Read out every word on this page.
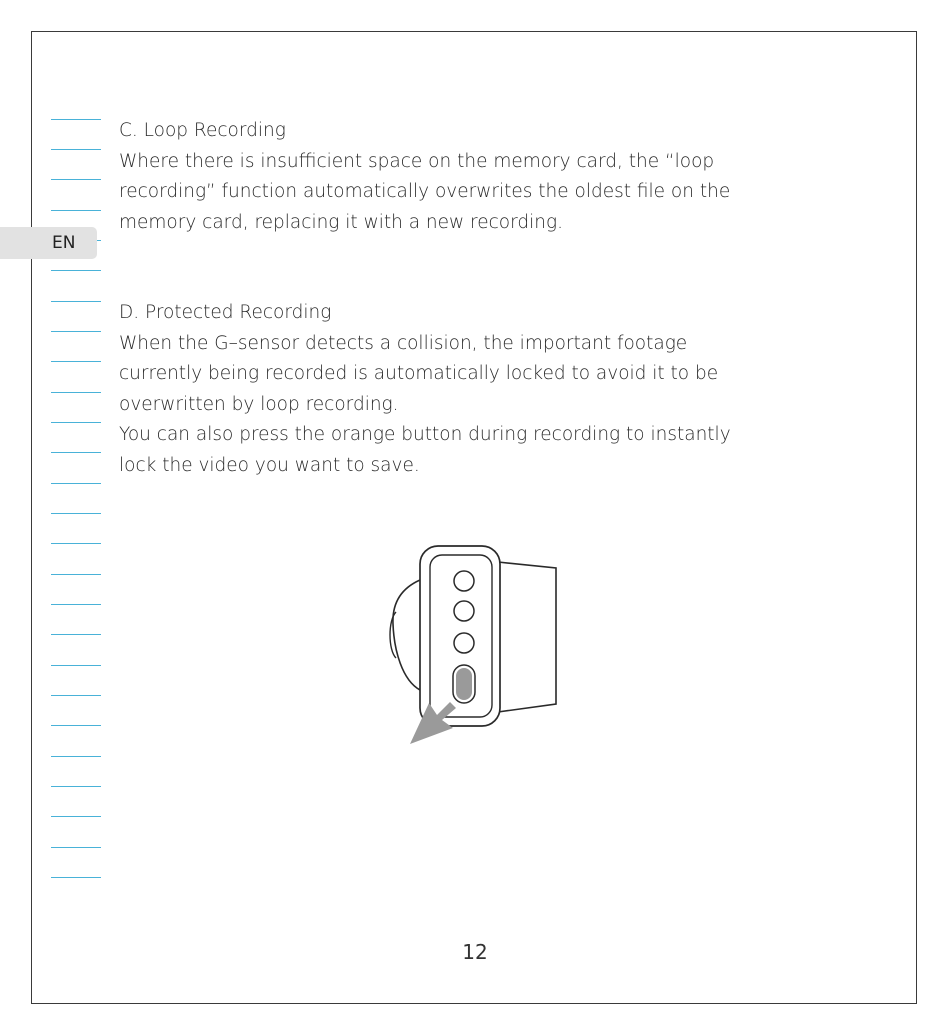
EN
C. Loop Recording
Where there is insufficient space on the memory card, the “loop
recording” function automatically overwrites the oldest file on the
memory card, replacing it with a new recording.
D. Protected Recording
When the G–sensor detects a collision, the important footage
currently being recorded is automatically locked to avoid it to be
overwritten by loop recording.
You can also press the orange button during recording to instantly
lock the video you want to save.
12
